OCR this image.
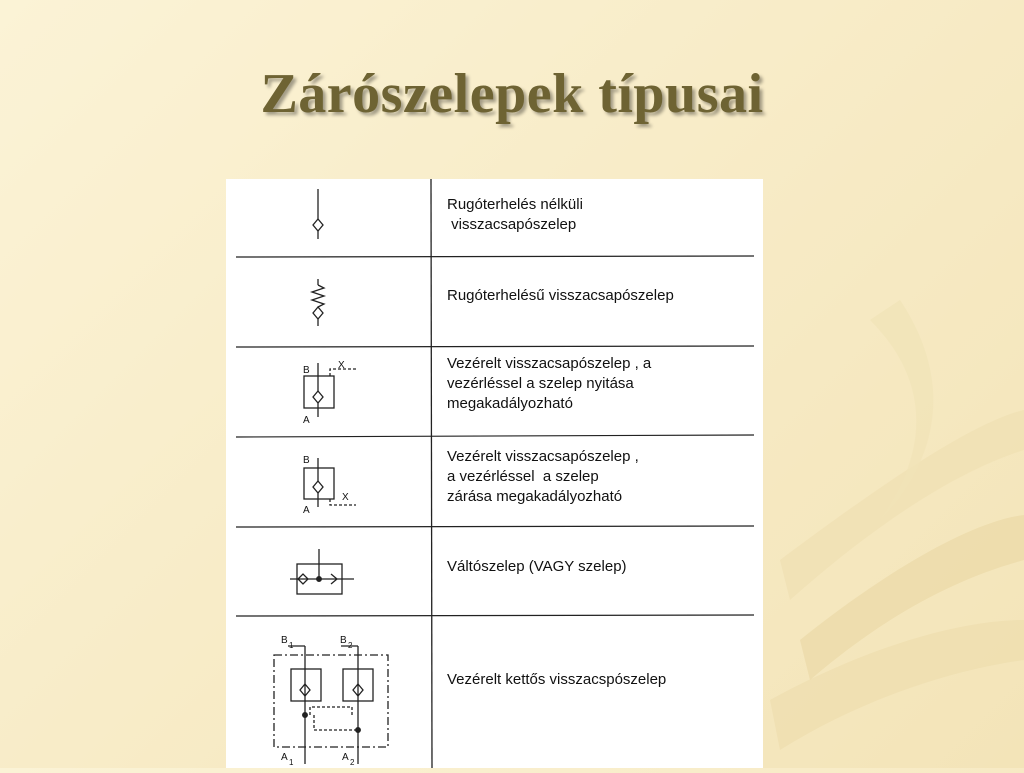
Zárószelepek típusai
B	X
A
B
X
A
B 1	B 2
A 1	A 2
Rugóterhelés nélküli
visszacsapószelep
Rugóterhelésű visszacsapószelep
Vezérelt visszacsapószelep , a
vezérléssel a szelep nyitása
megakadályozható
Vezérelt visszacsapószelep ,
a vezérléssel  a szelep
zárása megakadályozható
Váltószelep (VAGY szelep)
Vezérelt kettős visszacspószelep
